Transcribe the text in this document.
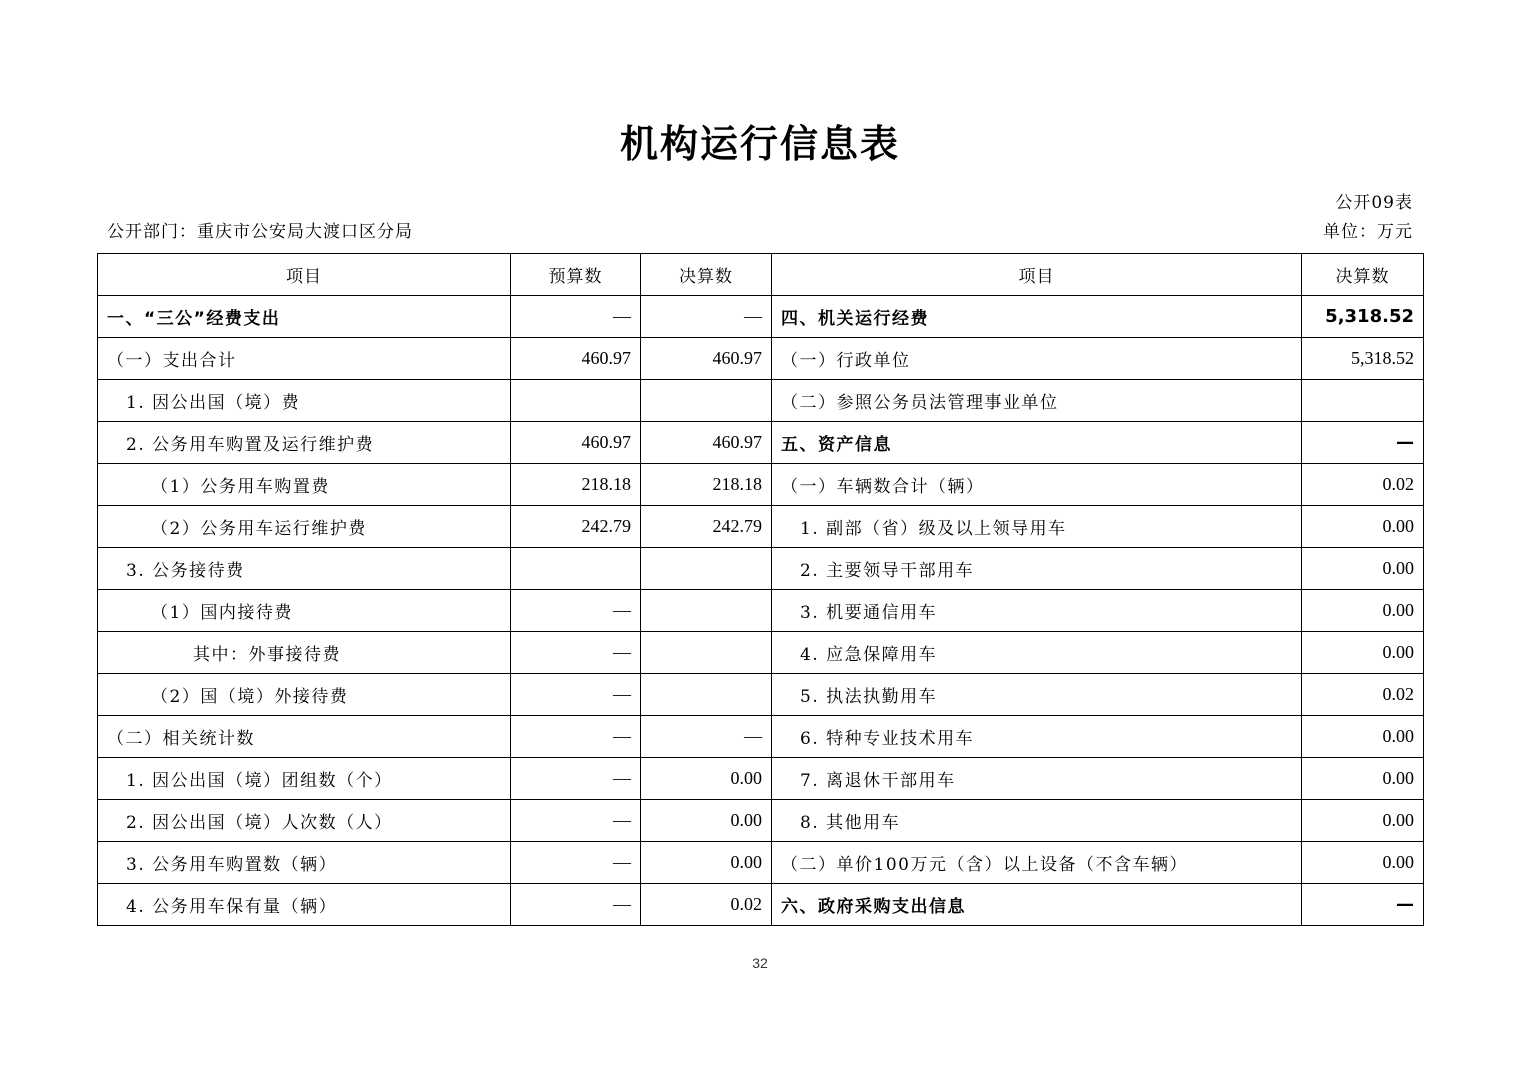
机构运行信息表
公开09表
公开部门：重庆市公安局大渡口区分局	单位：万元
项目	预算数	决算数	项目	决算数
一、“三公”经费支出	—	—	四、机关运行经费	5,318.52
（一）支出合计	460.97	460.97	（一）行政单位	5,318.52
1. 因公出国（境）费			（二）参照公务员法管理事业单位	
2. 公务用车购置及运行维护费	460.97	460.97	五、资产信息	—
（1）公务用车购置费	218.18	218.18	（一）车辆数合计（辆）	0.02
（2）公务用车运行维护费	242.79	242.79	1. 副部（省）级及以上领导用车	0.00
3. 公务接待费			2. 主要领导干部用车	0.00
（1）国内接待费	—		3. 机要通信用车	0.00
其中：外事接待费	—		4. 应急保障用车	0.00
（2）国（境）外接待费	—		5. 执法执勤用车	0.02
（二）相关统计数	—	—	6. 特种专业技术用车	0.00
1. 因公出国（境）团组数（个）	—	0.00	7. 离退休干部用车	0.00
2. 因公出国（境）人次数（人）	—	0.00	8. 其他用车	0.00
3. 公务用车购置数（辆）	—	0.00	（二）单价100万元（含）以上设备（不含车辆）	0.00
4. 公务用车保有量（辆）	—	0.02	六、政府采购支出信息	—
32
